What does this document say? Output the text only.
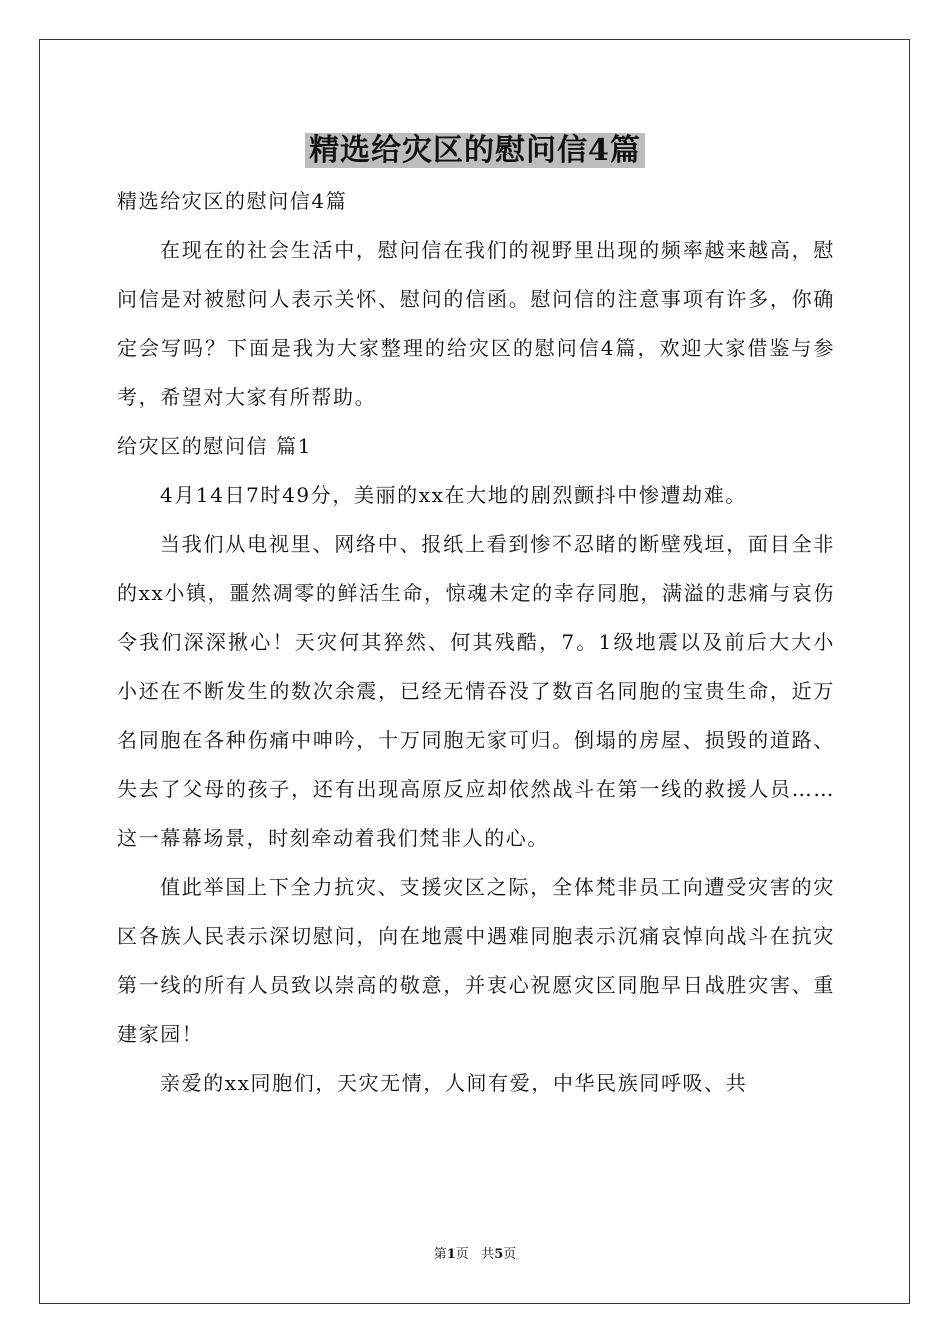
精选给灾区的慰问信4篇

精选给灾区的慰问信4篇

在现在的社会生活中，慰问信在我们的视野里出现的频率越来越高，慰问信是对被慰问人表示关怀、慰问的信函。慰问信的注意事项有许多，你确定会写吗？下面是我为大家整理的给灾区的慰问信4篇，欢迎大家借鉴与参考，希望对大家有所帮助。

给灾区的慰问信 篇1

4月14日7时49分，美丽的xx在大地的剧烈颤抖中惨遭劫难。

当我们从电视里、网络中、报纸上看到惨不忍睹的断壁残垣，面目全非的xx小镇，噩然凋零的鲜活生命，惊魂未定的幸存同胞，满溢的悲痛与哀伤令我们深深揪心！天灾何其猝然、何其残酷，7。1级地震以及前后大大小小还在不断发生的数次余震，已经无情吞没了数百名同胞的宝贵生命，近万名同胞在各种伤痛中呻吟，十万同胞无家可归。倒塌的房屋、损毁的道路、失去了父母的孩子，还有出现高原反应却依然战斗在第一线的救援人员……这一幕幕场景，时刻牵动着我们梵非人的心。

值此举国上下全力抗灾、支援灾区之际，全体梵非员工向遭受灾害的灾区各族人民表示深切慰问，向在地震中遇难同胞表示沉痛哀悼向战斗在抗灾第一线的所有人员致以崇高的敬意，并衷心祝愿灾区同胞早日战胜灾害、重建家园！

亲爱的xx同胞们，天灾无情，人间有爱，中华民族同呼吸、共

第1页 共5页
